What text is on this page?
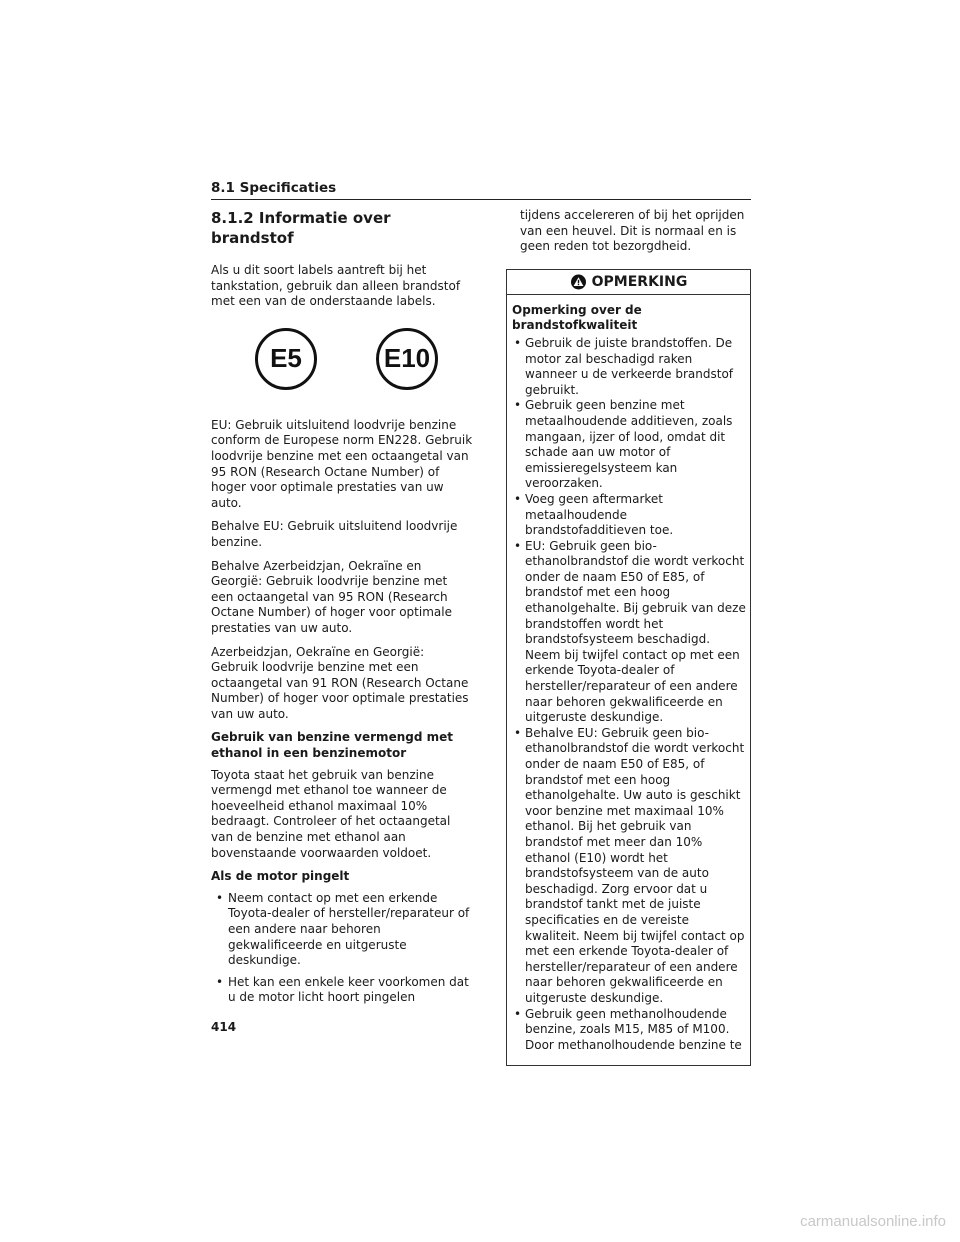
8.1 Specificaties
8.1.2 Informatie over brandstof

Als u dit soort labels aantreft bij het tankstation, gebruik dan alleen brandstof met een van de onderstaande labels.

E5	E10

EU: Gebruik uitsluitend loodvrije benzine conform de Europese norm EN228. Gebruik loodvrije benzine met een octaangetal van 95 RON (Research Octane Number) of hoger voor optimale prestaties van uw auto.

Behalve EU: Gebruik uitsluitend loodvrije benzine.

Behalve Azerbeidzjan, Oekraïne en Georgië: Gebruik loodvrije benzine met een octaangetal van 95 RON (Research Octane Number) of hoger voor optimale prestaties van uw auto.

Azerbeidzjan, Oekraïne en Georgië: Gebruik loodvrije benzine met een octaangetal van 91 RON (Research Octane Number) of hoger voor optimale prestaties van uw auto.

Gebruik van benzine vermengd met ethanol in een benzinemotor

Toyota staat het gebruik van benzine vermengd met ethanol toe wanneer de hoeveelheid ethanol maximaal 10% bedraagt. Controleer of het octaangetal van de benzine met ethanol aan bovenstaande voorwaarden voldoet.

Als de motor pingelt

• Neem contact op met een erkende Toyota-dealer of hersteller/reparateur of een andere naar behoren gekwalificeerde en uitgeruste deskundige.
• Het kan een enkele keer voorkomen dat u de motor licht hoort pingelen

tijdens accelereren of bij het oprijden van een heuvel. Dit is normaal en is geen reden tot bezorgdheid.

OPMERKING

Opmerking over de brandstofkwaliteit

• Gebruik de juiste brandstoffen. De motor zal beschadigd raken wanneer u de verkeerde brandstof gebruikt.
• Gebruik geen benzine met metaalhoudende additieven, zoals mangaan, ijzer of lood, omdat dit schade aan uw motor of emissieregelsysteem kan veroorzaken.
• Voeg geen aftermarket metaalhoudende brandstofadditieven toe.
• EU: Gebruik geen bio-ethanolbrandstof die wordt verkocht onder de naam E50 of E85, of brandstof met een hoog ethanolgehalte. Bij gebruik van deze brandstoffen wordt het brandstofsysteem beschadigd. Neem bij twijfel contact op met een erkende Toyota-dealer of hersteller/reparateur of een andere naar behoren gekwalificeerde en uitgeruste deskundige.
• Behalve EU: Gebruik geen bio-ethanolbrandstof die wordt verkocht onder de naam E50 of E85, of brandstof met een hoog ethanolgehalte. Uw auto is geschikt voor benzine met maximaal 10% ethanol. Bij het gebruik van brandstof met meer dan 10% ethanol (E10) wordt het brandstofsysteem van de auto beschadigd. Zorg ervoor dat u brandstof tankt met de juiste specificaties en de vereiste kwaliteit. Neem bij twijfel contact op met een erkende Toyota-dealer of hersteller/reparateur of een andere naar behoren gekwalificeerde en uitgeruste deskundige.
• Gebruik geen methanolhoudende benzine, zoals M15, M85 of M100. Door methanolhoudende benzine te
414
carmanualsonline.info
